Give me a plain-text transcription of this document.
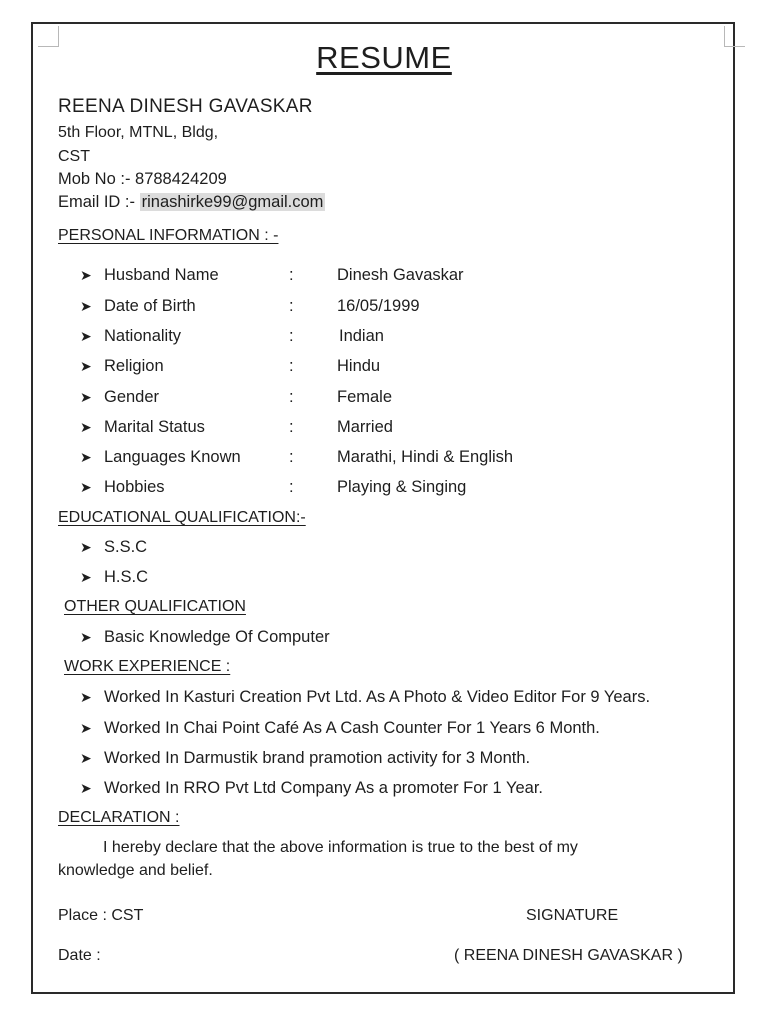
RESUME
REENA DINESH GAVASKAR
5th Floor, MTNL, Bldg,
CST
Mob No :- 8788424209
Email ID :- rinashirke99@gmail.com
PERSONAL INFORMATION : -
➤ Husband Name	:	Dinesh Gavaskar
➤ Date of Birth	:	16/05/1999
➤ Nationality	:	Indian
➤ Religion	:	Hindu
➤ Gender	:	Female
➤ Marital Status	:	Married
➤ Languages Known	:	Marathi, Hindi & English
➤ Hobbies	:	Playing & Singing
EDUCATIONAL QUALIFICATION:-
➤ S.S.C
➤ H.S.C
OTHER QUALIFICATION
➤ Basic Knowledge Of Computer
WORK EXPERIENCE :
➤ Worked In Kasturi Creation Pvt Ltd. As A Photo & Video Editor For 9 Years.
➤ Worked In Chai Point Café As A Cash Counter For 1 Years 6 Month.
➤ Worked In Darmustik brand pramotion activity for 3 Month.
➤ Worked In RRO Pvt Ltd Company As a promoter For 1 Year.
DECLARATION :
I hereby declare that the above information is true to the best of my knowledge and belief.
Place : CST	SIGNATURE
Date :	( REENA DINESH GAVASKAR )
